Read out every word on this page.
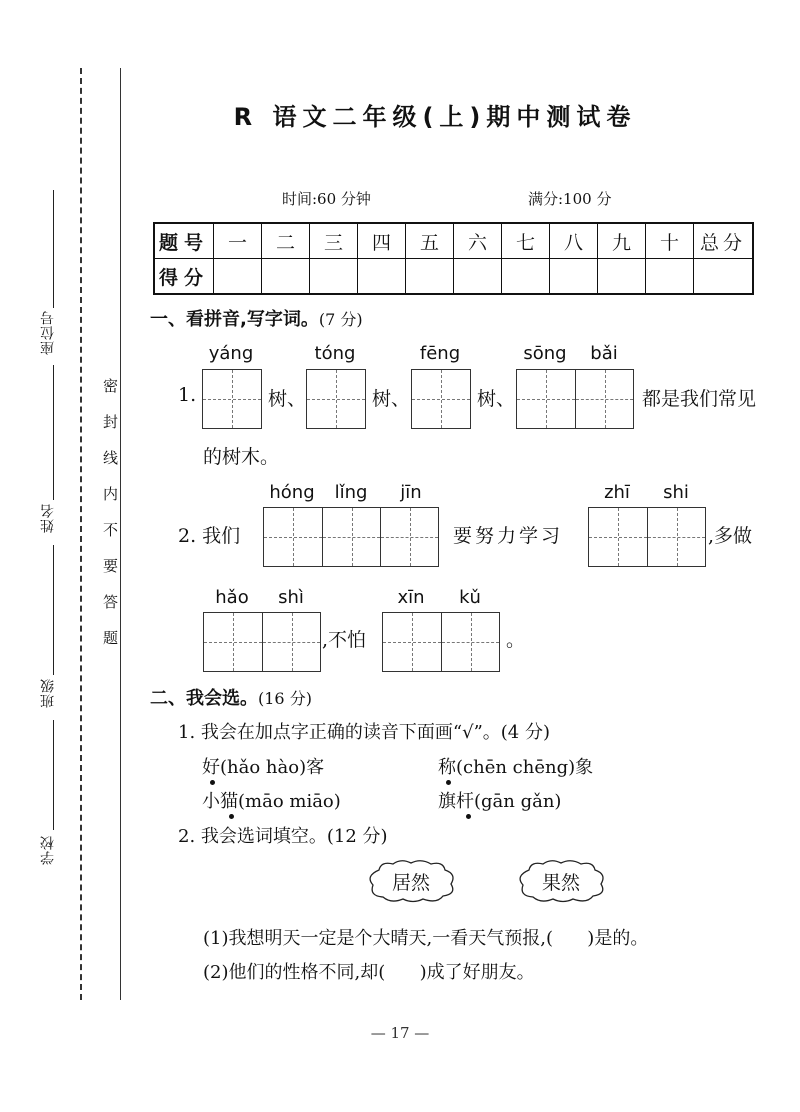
学校
班级
姓名
座位号
密封线内不要答题
R 语文二年级(上)期中测试卷
时间:60 分钟	满分:100 分
题号	一	二	三	四	五	六	七	八	九	十	总分
得分											
一、看拼音,写字词。(7 分)
yáng	tóng	fēng	sōng	bǎi
1.	树、	树、	树、	都是我们常见
的树木。
hóng	lǐng	jīn	zhī	shi
2. 我们	要努力学习	,多做
hǎo	shì	xīn	kǔ
,不怕	。
二、我会选。(16 分)
1. 我会在加点字正确的读音下面画“√”。(4 分)
好(hǎo hào)客	称(chēn chēng)象
小猫(māo miāo)	旗杆(gān gǎn)
2. 我会选词填空。(12 分)
居然	果然
(1)我想明天一定是个大晴天,一看天气预报,(      )是的。
(2)他们的性格不同,却(      )成了好朋友。
— 17 —
